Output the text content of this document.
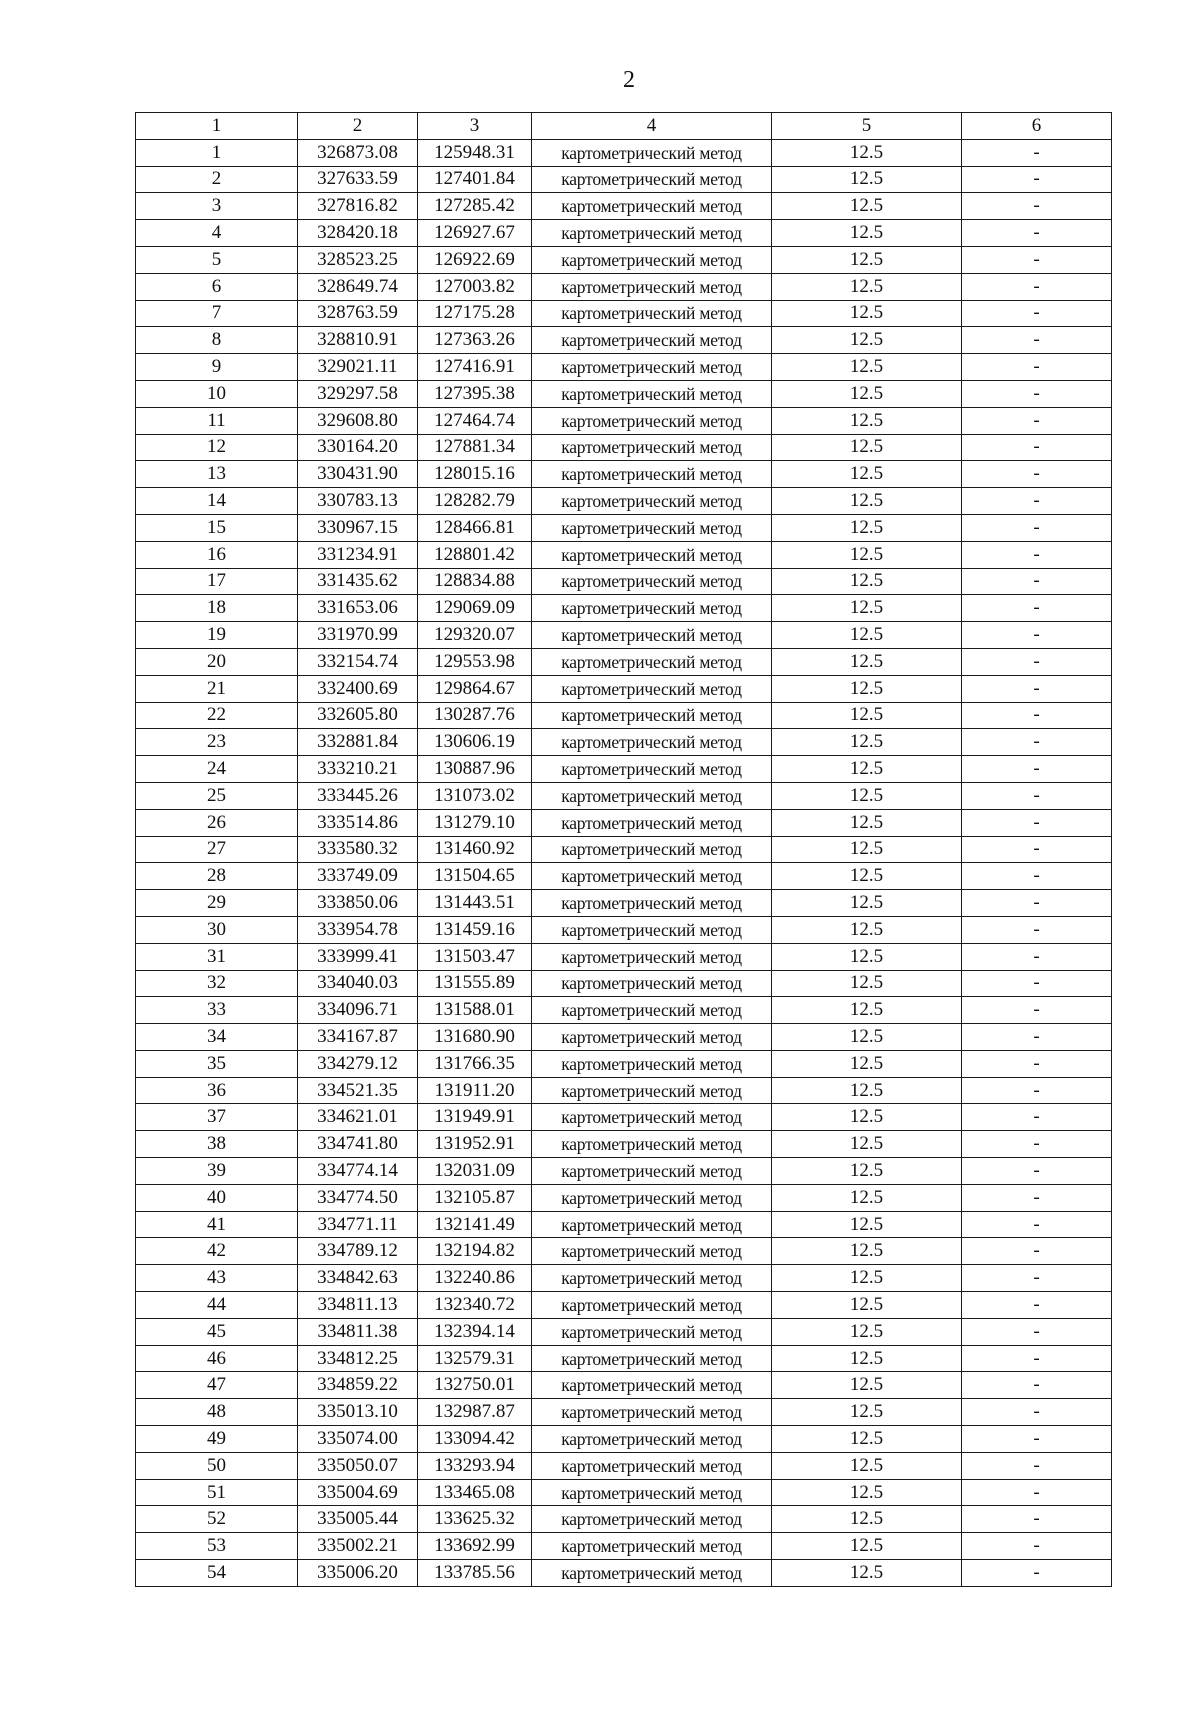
2
1	2	3	4	5	6
1	326873.08	125948.31	картометрический метод	12.5	-
2	327633.59	127401.84	картометрический метод	12.5	-
3	327816.82	127285.42	картометрический метод	12.5	-
4	328420.18	126927.67	картометрический метод	12.5	-
5	328523.25	126922.69	картометрический метод	12.5	-
6	328649.74	127003.82	картометрический метод	12.5	-
7	328763.59	127175.28	картометрический метод	12.5	-
8	328810.91	127363.26	картометрический метод	12.5	-
9	329021.11	127416.91	картометрический метод	12.5	-
10	329297.58	127395.38	картометрический метод	12.5	-
11	329608.80	127464.74	картометрический метод	12.5	-
12	330164.20	127881.34	картометрический метод	12.5	-
13	330431.90	128015.16	картометрический метод	12.5	-
14	330783.13	128282.79	картометрический метод	12.5	-
15	330967.15	128466.81	картометрический метод	12.5	-
16	331234.91	128801.42	картометрический метод	12.5	-
17	331435.62	128834.88	картометрический метод	12.5	-
18	331653.06	129069.09	картометрический метод	12.5	-
19	331970.99	129320.07	картометрический метод	12.5	-
20	332154.74	129553.98	картометрический метод	12.5	-
21	332400.69	129864.67	картометрический метод	12.5	-
22	332605.80	130287.76	картометрический метод	12.5	-
23	332881.84	130606.19	картометрический метод	12.5	-
24	333210.21	130887.96	картометрический метод	12.5	-
25	333445.26	131073.02	картометрический метод	12.5	-
26	333514.86	131279.10	картометрический метод	12.5	-
27	333580.32	131460.92	картометрический метод	12.5	-
28	333749.09	131504.65	картометрический метод	12.5	-
29	333850.06	131443.51	картометрический метод	12.5	-
30	333954.78	131459.16	картометрический метод	12.5	-
31	333999.41	131503.47	картометрический метод	12.5	-
32	334040.03	131555.89	картометрический метод	12.5	-
33	334096.71	131588.01	картометрический метод	12.5	-
34	334167.87	131680.90	картометрический метод	12.5	-
35	334279.12	131766.35	картометрический метод	12.5	-
36	334521.35	131911.20	картометрический метод	12.5	-
37	334621.01	131949.91	картометрический метод	12.5	-
38	334741.80	131952.91	картометрический метод	12.5	-
39	334774.14	132031.09	картометрический метод	12.5	-
40	334774.50	132105.87	картометрический метод	12.5	-
41	334771.11	132141.49	картометрический метод	12.5	-
42	334789.12	132194.82	картометрический метод	12.5	-
43	334842.63	132240.86	картометрический метод	12.5	-
44	334811.13	132340.72	картометрический метод	12.5	-
45	334811.38	132394.14	картометрический метод	12.5	-
46	334812.25	132579.31	картометрический метод	12.5	-
47	334859.22	132750.01	картометрический метод	12.5	-
48	335013.10	132987.87	картометрический метод	12.5	-
49	335074.00	133094.42	картометрический метод	12.5	-
50	335050.07	133293.94	картометрический метод	12.5	-
51	335004.69	133465.08	картометрический метод	12.5	-
52	335005.44	133625.32	картометрический метод	12.5	-
53	335002.21	133692.99	картометрический метод	12.5	-
54	335006.20	133785.56	картометрический метод	12.5	-
